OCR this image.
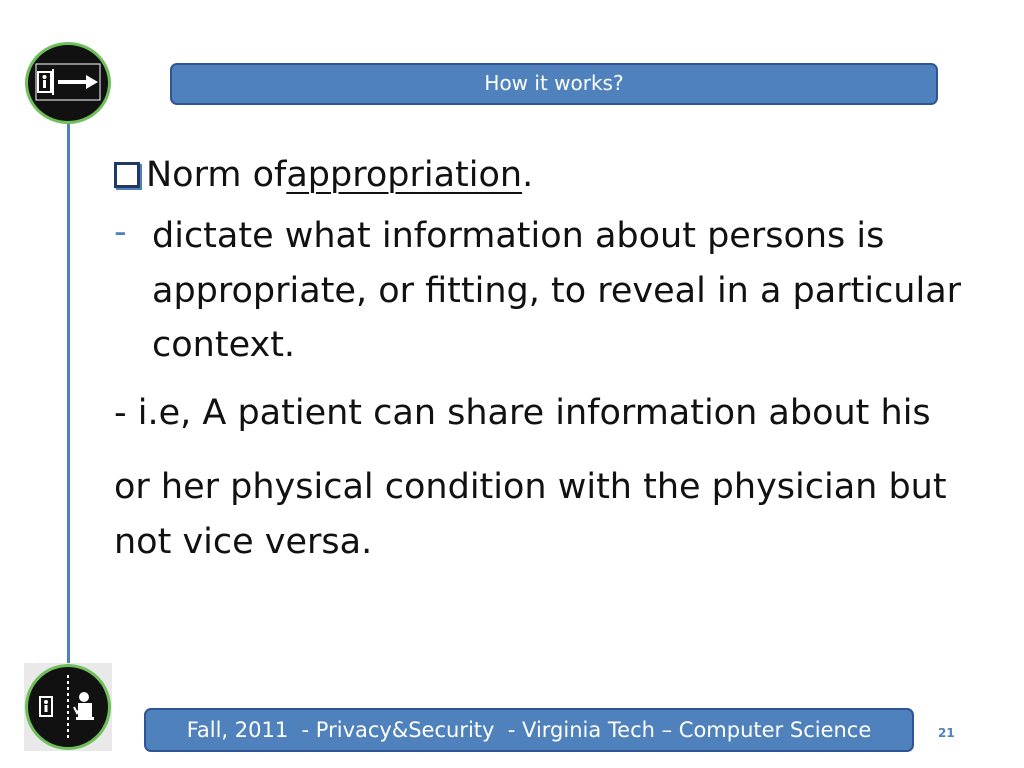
How it works?
Norm of appropriation .
- dictate what information about persons is appropriate, or fitting, to reveal in a particular context.
- i.e, A patient can share information about his
or her physical condition with the physician but not vice versa.
Fall, 2011  - Privacy&Security  - Virginia Tech – Computer Science	21
